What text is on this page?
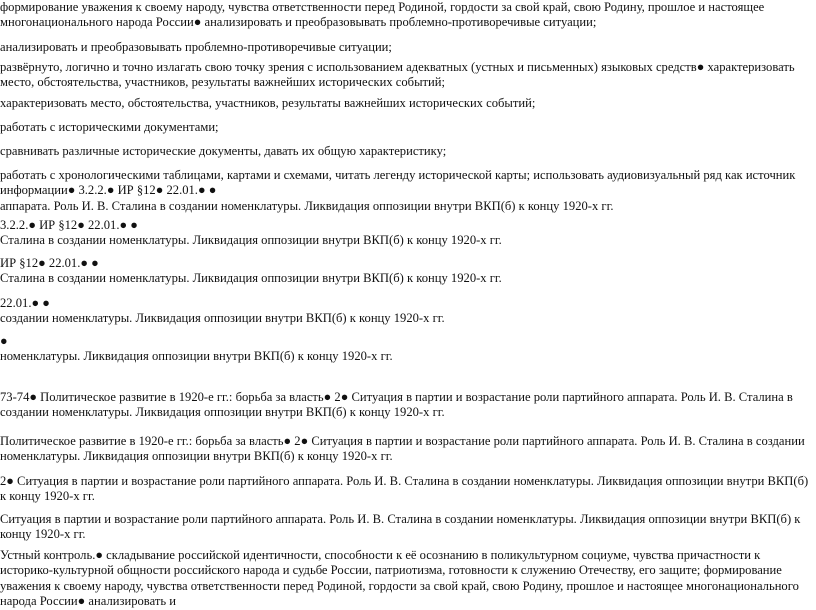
формирование уважения к своему народу, чувства ответственности перед Родиной, гордости за свой край, свою Родину, прошлое и настоящее многонационального народа России● анализировать и преобразовывать проблемно-противоречивые ситуации;

анализировать и преобразовывать проблемно-противоречивые ситуации;

развёрнуто, логично и точно излагать свою точку зрения с использованием адекватных (устных и письменных) языковых средств● характеризовать место, обстоятельства, участников, результаты важнейших исторических событий;

характеризовать место, обстоятельства, участников, результаты важнейших исторических событий;

работать с историческими документами;

сравнивать различные исторические документы, давать их общую характеристику;

работать с хронологическими таблицами, картами и схемами, читать легенду исторической карты; использовать аудиовизуальный ряд как источник информации● 3.2.2.● ИР §12● 22.01.● ●
аппарата. Роль И. В. Сталина в создании номенклатуры. Ликвидация оппозиции внутри ВКП(б) к концу 1920-х гг.

3.2.2.● ИР §12● 22.01.● ●
Сталина в создании номенклатуры. Ликвидация оппозиции внутри ВКП(б) к концу 1920-х гг.

ИР §12● 22.01.● ●
Сталина в создании номенклатуры. Ликвидация оппозиции внутри ВКП(б) к концу 1920-х гг.

22.01.● ●
создании номенклатуры. Ликвидация оппозиции внутри ВКП(б) к концу 1920-х гг.

●
номенклатуры. Ликвидация оппозиции внутри ВКП(б) к концу 1920-х гг.

73-74● Политическое развитие в 1920-е гг.: борьба за власть● 2● Ситуация в партии и возрастание роли партийного аппарата. Роль И. В. Сталина в создании номенклатуры. Ликвидация оппозиции внутри ВКП(б) к концу 1920-х гг.

Политическое развитие в 1920-е гг.: борьба за власть● 2● Ситуация в партии и возрастание роли партийного аппарата. Роль И. В. Сталина в создании номенклатуры. Ликвидация оппозиции внутри ВКП(б) к концу 1920-х гг.

2● Ситуация в партии и возрастание роли партийного аппарата. Роль И. В. Сталина в создании номенклатуры. Ликвидация оппозиции внутри ВКП(б) к концу 1920-х гг.

Ситуация в партии и возрастание роли партийного аппарата. Роль И. В. Сталина в создании номенклатуры. Ликвидация оппозиции внутри ВКП(б) к концу 1920-х гг.

Устный контроль.● складывание российской идентичности, способности к её осознанию в поликультурном социуме, чувства причастности к историко-культурной общности российского народа и судьбе России, патриотизма, готовности к служению Отечеству, его защите; формирование уважения к своему народу, чувства ответственности перед Родиной, гордости за свой край, свою Родину, прошлое и настоящее многонационального народа России● анализировать и
